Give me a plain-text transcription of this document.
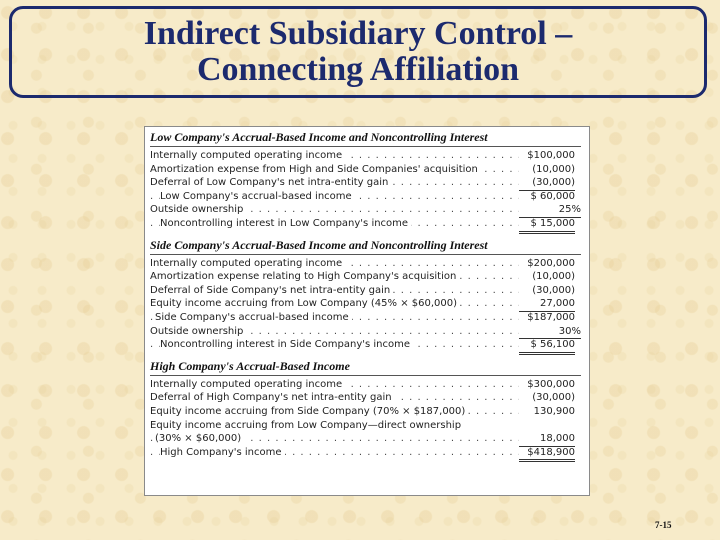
Indirect Subsidiary Control –
Connecting Affiliation
Low Company's Accrual-Based Income and Noncontrolling Interest
Internally computed operating income . . .	$100,000
Amortization expense from High and Side Companies' acquisition . . .	(10,000)
Deferral of Low Company's net intra-entity gain . . .	(30,000)
Low Company's accrual-based income . . .	$ 60,000
Outside ownership . . .	25%
Noncontrolling interest in Low Company's income . . .	$ 15,000
Side Company's Accrual-Based Income and Noncontrolling Interest
Internally computed operating income . . .	$200,000
Amortization expense relating to High Company's acquisition . . .	(10,000)
Deferral of Side Company's net intra-entity gain . . .	(30,000)
Equity income accruing from Low Company (45% × $60,000) . . .	27,000
Side Company's accrual-based income . . .	$187,000
Outside ownership . . .	30%
Noncontrolling interest in Side Company's income . . .	$ 56,100
High Company's Accrual-Based Income
Internally computed operating income . . .	$300,000
Deferral of High Company's net intra-entity gain . . .	(30,000)
Equity income accruing from Side Company (70% × $187,000) . . .	130,900
Equity income accruing from Low Company—direct ownership
(30% × $60,000) . . .	18,000
High Company's income . . .	$418,900
7-15
